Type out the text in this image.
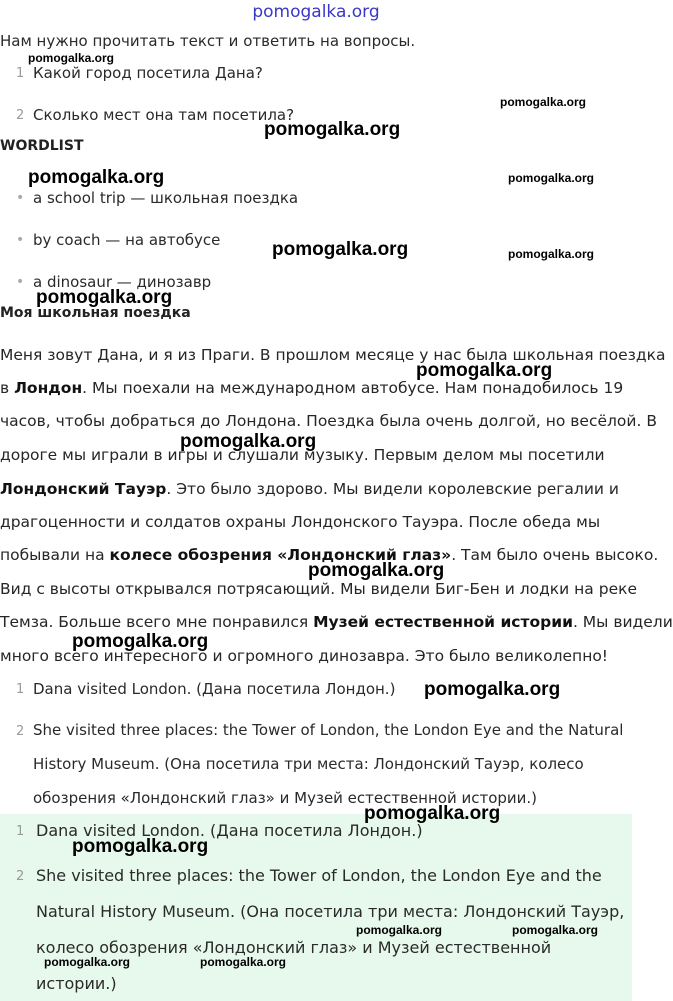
pomogalka.org
Нам нужно прочитать текст и ответить на вопросы.
1 Какой город посетила Дана?
2 Сколько мест она там посетила?
WORDLIST
• a school trip — школьная поездка
• by coach — на автобусе
• a dinosaur — динозавр
Моя школьная поездка
Меня зовут Дана, и я из Праги. В прошлом месяце у нас была школьная поездка
в Лондон. Мы поехали на международном автобусе. Нам понадобилось 19
часов, чтобы добраться до Лондона. Поездка была очень долгой, но весёлой. В
дороге мы играли в игры и слушали музыку. Первым делом мы посетили
Лондонский Тауэр. Это было здорово. Мы видели королевские регалии и
драгоценности и солдатов охраны Лондонского Тауэра. После обеда мы
побывали на колесе обозрения «Лондонский глаз». Там было очень высоко.
Вид с высоты открывался потрясающий. Мы видели Биг-Бен и лодки на реке
Темза. Больше всего мне понравился Музей естественной истории. Мы видели
много всего интересного и огромного динозавра. Это было великолепно!
1 Dana visited London. (Дана посетила Лондон.)
2 She visited three places: the Tower of London, the London Eye and the Natural
History Museum. (Она посетила три места: Лондонский Тауэр, колесо
обозрения «Лондонский глаз» и Музей естественной истории.)
1 Dana visited London. (Дана посетила Лондон.)
2 She visited three places: the Tower of London, the London Eye and the
Natural History Museum. (Она посетила три места: Лондонский Тауэр,
колесо обозрения «Лондонский глаз» и Музей естественной
истории.)
pomogalka.org
pomogalka.org
pomogalka.org
pomogalka.org	pomogalka.org
pomogalka.org	pomogalka.org
pomogalka.org
pomogalka.org
pomogalka.org
pomogalka.org
pomogalka.org
pomogalka.org
pomogalka.org
pomogalka.org
pomogalka.org	pomogalka.org
pomogalka.org	pomogalka.org
